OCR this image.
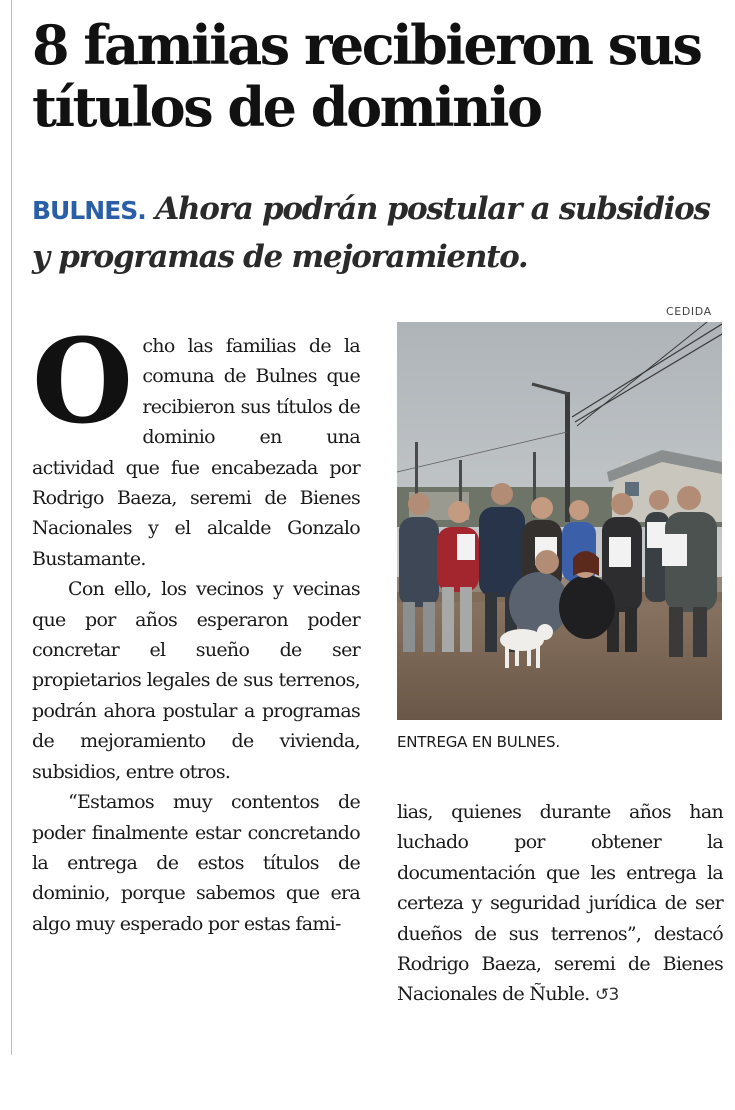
8 famiias recibieron sus títulos de dominio

BULNES. Ahora podrán postular a subsidios y programas de mejoramiento.

CEDIDA

ENTREGA EN BULNES.

Ocho las familias de la comuna de Bulnes que recibieron sus títulos de dominio en una actividad que fue encabezada por Rodrigo Baeza, seremi de Bienes Nacionales y el alcalde Gonzalo Bustamante.

Con ello, los vecinos y vecinas que por años esperaron poder concretar el sueño de ser propietarios legales de sus terrenos, podrán ahora postular a programas de mejoramiento de vivienda, subsidios, entre otros.

“Estamos muy contentos de poder finalmente estar concretando la entrega de estos títulos de dominio, porque sabemos que era algo muy esperado por estas fami-

lias, quienes durante años han luchado por obtener la documentación que les entrega la certeza y seguridad jurídica de ser dueños de sus terrenos”, destacó Rodrigo Baeza, seremi de Bienes Nacionales de Ñuble. ↺3
